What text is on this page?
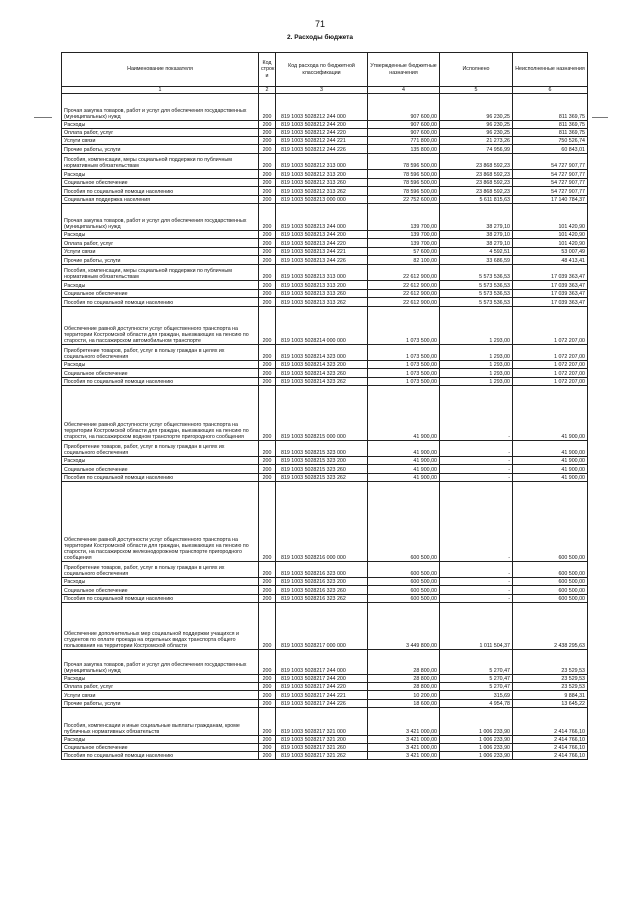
71
2. Расходы бюджета
Наименование показателя	Код строк и	Код расхода по бюджетной классификации	Утвержденные бюджетные назначения	Исполнено	Неисполненные назначения
1	2	3	4	5	6
Прочая закупка товаров, работ и услуг для обеспечения государственных (муниципальных) нужд	200	819 1003 5028212 244 000	907 600,00	96 230,25	811 369,75
Расходы	200	819 1003 5028212 244 200	907 600,00	96 230,25	811 369,75
Оплата работ, услуг	200	819 1003 5028212 244 220	907 600,00	96 230,25	811 369,75
Услуги связи	200	819 1003 5028212 244 221	771 800,00	21 273,26	750 526,74
Прочие работы, услуги	200	819 1003 5028212 244 226	135 800,00	74 956,99	60 843,01
Пособия, компенсации, меры социальной поддержки по публичным нормативным обязательствам	200	819 1003 5028212 313 000	78 596 500,00	23 868 592,23	54 727 907,77
Расходы	200	819 1003 5028212 313 200	78 596 500,00	23 868 592,23	54 727 907,77
Социальное обеспечение	200	819 1003 5028212 313 260	78 596 500,00	23 868 592,23	54 727 907,77
Пособия по социальной помощи населению	200	819 1003 5028212 313 262	78 596 500,00	23 868 592,23	54 727 907,77
Социальная поддержка населения	200	819 1003 5028213 000 000	22 752 600,00	5 611 815,63	17 140 784,37
Прочая закупка товаров, работ и услуг для обеспечения государственных (муниципальных) нужд	200	819 1003 5028213 244 000	139 700,00	38 279,10	101 420,90
Расходы	200	819 1003 5028213 244 200	139 700,00	38 279,10	101 420,90
Оплата работ, услуг	200	819 1003 5028213 244 220	139 700,00	38 279,10	101 420,90
Услуги связи	200	819 1003 5028213 244 221	57 600,00	4 592,51	53 007,49
Прочие работы, услуги	200	819 1003 5028213 244 226	82 100,00	33 686,59	48 413,41
Пособия, компенсации, меры социальной поддержки по публичным нормативным обязательствам	200	819 1003 5028213 313 000	22 612 900,00	5 573 536,53	17 039 363,47
Расходы	200	819 1003 5028213 313 200	22 612 900,00	5 573 536,53	17 039 363,47
Социальное обеспечение	200	819 1003 5028213 313 260	22 612 900,00	5 573 536,53	17 039 363,47
Пособия по социальной помощи населению	200	819 1003 5028213 313 262	22 612 900,00	5 573 536,53	17 039 363,47
Обеспечение равной доступности услуг общественного транспорта на территории Костромской области для граждан, выезжающих на пенсию по старости, на пассажирском автомобильном транспорте	200	819 1003 5028214 000 000	1 073 500,00	1 293,00	1 072 207,00
Приобретение товаров, работ, услуг в пользу граждан в целях их социального обеспечения	200	819 1003 5028214 323 000	1 073 500,00	1 293,00	1 072 207,00
Расходы	200	819 1003 5028214 323 200	1 073 500,00	1 293,00	1 072 207,00
Социальное обеспечение	200	819 1003 5028214 323 260	1 073 500,00	1 293,00	1 072 207,00
Пособия по социальной помощи населению	200	819 1003 5028214 323 262	1 073 500,00	1 293,00	1 072 207,00
Обеспечение равной доступности услуг общественного транспорта на территории Костромской области для граждан, выезжающих на пенсию по старости, на пассажирском водном транспорте пригородного сообщения	200	819 1003 5028215 000 000	41 900,00	-	41 900,00
Приобретение товаров, работ, услуг в пользу граждан в целях их социального обеспечения	200	819 1003 5028215 323 000	41 900,00	-	41 900,00
Расходы	200	819 1003 5028215 323 200	41 900,00	-	41 900,00
Социальное обеспечение	200	819 1003 5028215 323 260	41 900,00	-	41 900,00
Пособия по социальной помощи населению	200	819 1003 5028215 323 262	41 900,00	-	41 900,00
Обеспечение равной доступности услуг общественного транспорта на территории Костромской области для граждан, выезжающих на пенсию по старости, на пассажирском железнодорожном транспорте пригородного сообщения	200	819 1003 5028216 000 000	600 500,00	-	600 500,00
Приобретение товаров, работ, услуг в пользу граждан в целях их социального обеспечения	200	819 1003 5028216 323 000	600 500,00	-	600 500,00
Расходы	200	819 1003 5028216 323 200	600 500,00	-	600 500,00
Социальное обеспечение	200	819 1003 5028216 323 260	600 500,00	-	600 500,00
Пособия по социальной помощи населению	200	819 1003 5028216 323 262	600 500,00	-	600 500,00
Обеспечение дополнительных мер социальной поддержки учащихся и студентов по оплате проезда на отдельных видах транспорта общего пользования на территории Костромской области	200	819 1003 5028217 000 000	3 449 800,00	1 011 504,37	2 438 295,63
Прочая закупка товаров, работ и услуг для обеспечения государственных (муниципальных) нужд	200	819 1003 5028217 244 000	28 800,00	5 270,47	23 529,53
Расходы	200	819 1003 5028217 244 200	28 800,00	5 270,47	23 529,53
Оплата работ, услуг	200	819 1003 5028217 244 220	28 800,00	5 270,47	23 529,53
Услуги связи	200	819 1003 5028217 244 221	10 200,00	315,69	9 884,31
Прочие работы, услуги	200	819 1003 5028217 244 226	18 600,00	4 954,78	13 645,22
Пособия, компенсации и иные социальные выплаты гражданам, кроме публичных нормативных обязательств	200	819 1003 5028217 321 000	3 421 000,00	1 006 233,90	2 414 766,10
Расходы	200	819 1003 5028217 321 200	3 421 000,00	1 006 233,90	2 414 766,10
Социальное обеспечение	200	819 1003 5028217 321 260	3 421 000,00	1 006 233,90	2 414 766,10
Пособия по социальной помощи населению	200	819 1003 5028217 321 262	3 421 000,00	1 006 233,90	2 414 766,10
